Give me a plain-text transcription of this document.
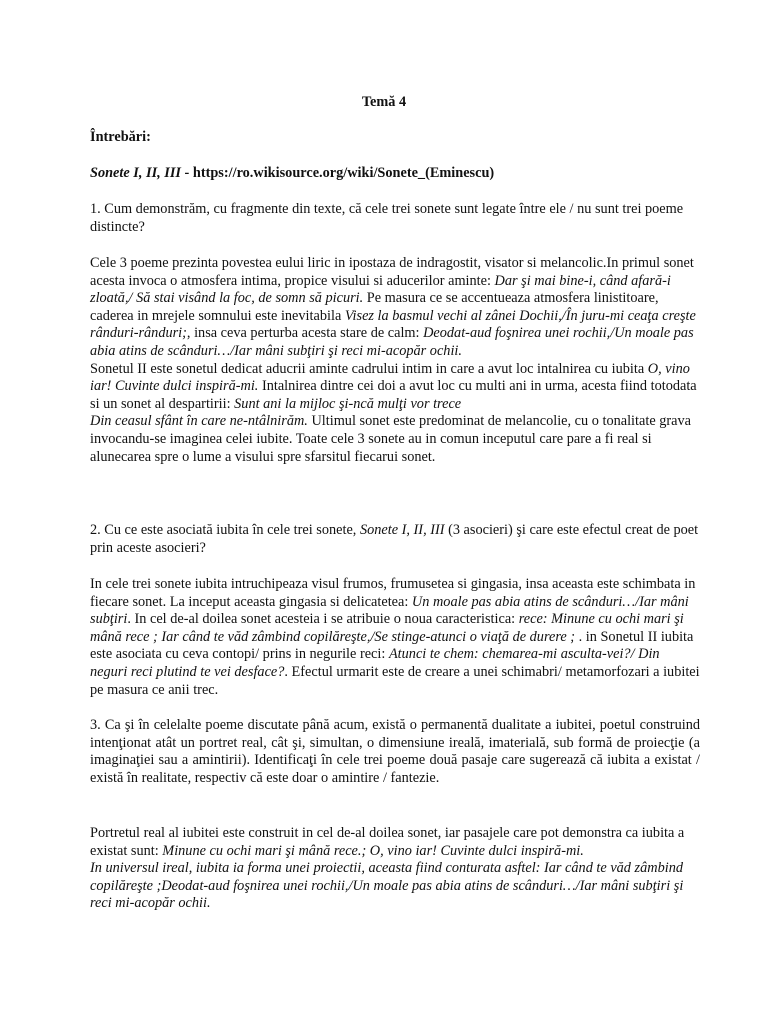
Temă 4
Întrebări:
Sonete I, II, III - https://ro.wikisource.org/wiki/Sonete_(Eminescu)

1. Cum demonstrăm, cu fragmente din texte, că cele trei sonete sunt legate între ele / nu sunt trei poeme distincte?

Cele 3 poeme prezinta povestea eului liric in ipostaza de indragostit, visator si melancolic.In primul sonet acesta invoca o atmosfera intima, propice visului si aducerilor aminte: Dar şi mai bine-i, când afară-i zloată,/ Să stai visând la foc, de somn să picuri. Pe masura ce se accentueaza atmosfera linistitoare, caderea in mrejele somnului este inevitabila Visez la basmul vechi al zânei Dochii,/În juru-mi ceaţa creşte rânduri-rânduri;, insa ceva perturba acesta stare de calm: Deodat-aud foşnirea unei rochii,/Un moale pas abia atins de scânduri…/Iar mâni subţiri şi reci mi-acopăr ochii.
Sonetul II este sonetul dedicat aducrii aminte cadrului intim in care a avut loc intalnirea cu iubita O, vino iar! Cuvinte dulci inspiră-mi. Intalnirea dintre cei doi a avut loc cu multi ani in urma, acesta fiind totodata si un sonet al despartirii: Sunt ani la mijloc şi-ncă mulţi vor trece
Din ceasul sfânt în care ne-ntâlnirăm. Ultimul sonet este predominat de melancolie, cu o tonalitate grava invocandu-se imaginea celei iubite. Toate cele 3 sonete au in comun inceputul care pare a fi real si alunecarea spre o lume a visului spre sfarsitul fiecarui sonet.

2. Cu ce este asociată iubita în cele trei sonete, Sonete I, II, III (3 asocieri) şi care este efectul creat de poet prin aceste asocieri?

In cele trei sonete iubita intruchipeaza visul frumos, frumusetea si gingasia, insa aceasta este schimbata in fiecare sonet. La inceput aceasta gingasia si delicatetea: Un moale pas abia atins de scânduri…/Iar mâni subţiri. In cel de-al doilea sonet acesteia i se atribuie o noua caracteristica: rece: Minune cu ochi mari şi mână rece ; Iar când te văd zâmbind copilăreşte,/Se stinge-atunci o viaţă de durere ; . in Sonetul II iubita este asociata cu ceva contopi/ prins in negurile reci: Atunci te chem: chemarea-mi asculta-vei?/ Din neguri reci plutind te vei desface?. Efectul urmarit este de creare a unei schimabri/ metamorfozari a iubitei pe masura ce anii trec.

3. Ca şi în celelalte poeme discutate până acum, există o permanentă dualitate a iubitei, poetul construind intenţionat atât un portret real, cât şi, simultan, o dimensiune ireală, imaterială, sub formă de proiecţie (a imaginaţiei sau a amintirii). Identificaţi în cele trei poeme două pasaje care sugerează că iubita a existat / există în realitate, respectiv că este doar o amintire / fantezie.

Portretul real al iubitei este construit in cel de-al doilea sonet, iar pasajele care pot demonstra ca iubita a existat sunt: Minune cu ochi mari şi mână rece.; O, vino iar! Cuvinte dulci inspiră-mi.
In universul ireal, iubita ia forma unei proiectii, aceasta fiind conturata asftel: Iar când te văd zâmbind copilăreşte ;Deodat-aud foşnirea unei rochii,/Un moale pas abia atins de scânduri…/Iar mâni subţiri şi reci mi-acopăr ochii.
